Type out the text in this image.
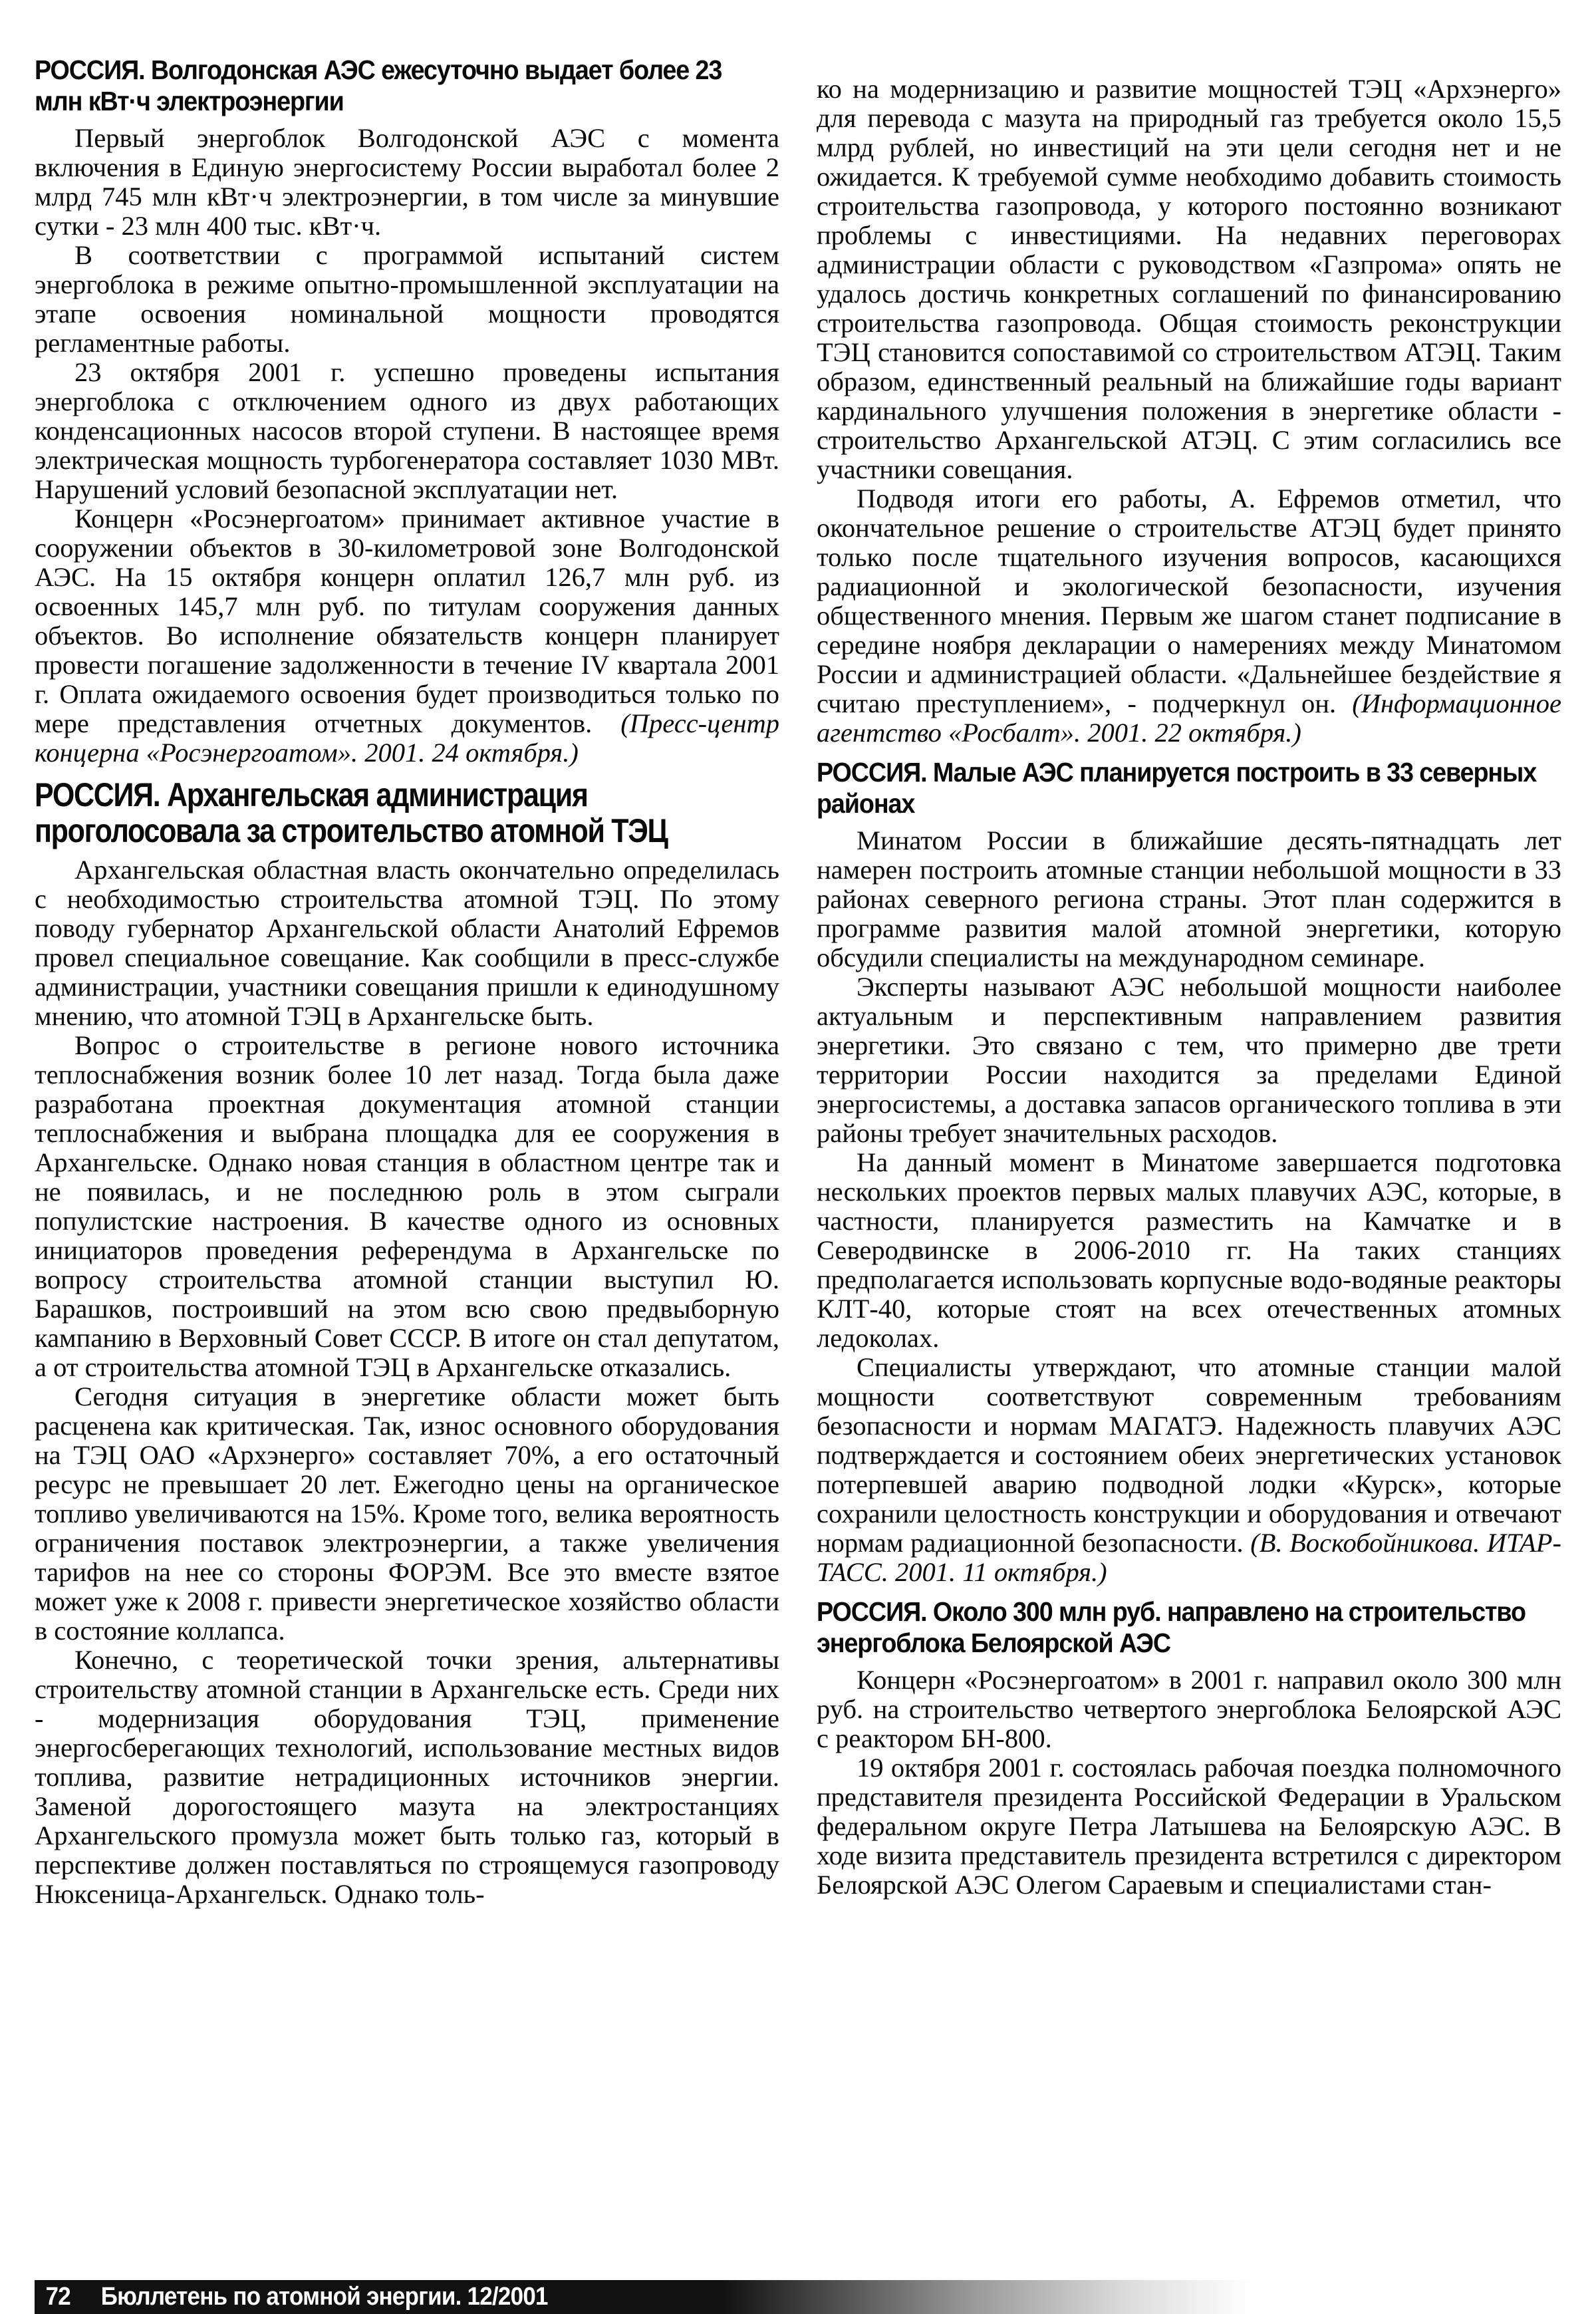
РОССИЯ. Волгодонская АЭС ежесуточно выдает более 23 млн кВт·ч электроэнергии

Первый энергоблок Волгодонской АЭС с момента включения в Единую энергосистему России выработал более 2 млрд 745 млн кВт·ч электроэнергии, в том числе за минувшие сутки - 23 млн 400 тыс. кВт·ч.

В соответствии с программой испытаний систем энергоблока в режиме опытно-промышленной эксплуатации на этапе освоения номинальной мощности проводятся регламентные работы.

23 октября 2001 г. успешно проведены испытания энергоблока с отключением одного из двух работающих конденсационных насосов второй ступени. В настоящее время электрическая мощность турбогенератора составляет 1030 МВт. Нарушений условий безопасной эксплуатации нет.

Концерн «Росэнергоатом» принимает активное участие в сооружении объектов в 30-километровой зоне Волгодонской АЭС. На 15 октября концерн оплатил 126,7 млн руб. из освоенных 145,7 млн руб. по титулам сооружения данных объектов. Во исполнение обязательств концерн планирует провести погашение задолженности в течение IV квартала 2001 г. Оплата ожидаемого освоения будет производиться только по мере представления отчетных документов. (Пресс-центр концерна «Росэнергоатом». 2001. 24 октября.)

РОССИЯ. Архангельская администрация проголосовала за строительство атомной ТЭЦ

Архангельская областная власть окончательно определилась с необходимостью строительства атомной ТЭЦ. По этому поводу губернатор Архангельской области Анатолий Ефремов провел специальное совещание. Как сообщили в пресс-службе администрации, участники совещания пришли к единодушному мнению, что атомной ТЭЦ в Архангельске быть.

Вопрос о строительстве в регионе нового источника теплоснабжения возник более 10 лет назад. Тогда была даже разработана проектная документация атомной станции теплоснабжения и выбрана площадка для ее сооружения в Архангельске. Однако новая станция в областном центре так и не появилась, и не последнюю роль в этом сыграли популистские настроения. В качестве одного из основных инициаторов проведения референдума в Архангельске по вопросу строительства атомной станции выступил Ю. Барашков, построивший на этом всю свою предвыборную кампанию в Верховный Совет СССР. В итоге он стал депутатом, а от строительства атомной ТЭЦ в Архангельске отказались.

Сегодня ситуация в энергетике области может быть расценена как критическая. Так, износ основного оборудования на ТЭЦ ОАО «Архэнерго» составляет 70%, а его остаточный ресурс не превышает 20 лет. Ежегодно цены на органическое топливо увеличиваются на 15%. Кроме того, велика вероятность ограничения поставок электроэнергии, а также увеличения тарифов на нее со стороны ФОРЭМ. Все это вместе взятое может уже к 2008 г. привести энергетическое хозяйство области в состояние коллапса.

Конечно, с теоретической точки зрения, альтернативы строительству атомной станции в Архангельске есть. Среди них - модернизация оборудования ТЭЦ, применение энергосберегающих технологий, использование местных видов топлива, развитие нетрадиционных источников энергии. Заменой дорогостоящего мазута на электростанциях Архангельского промузла может быть только газ, который в перспективе должен поставляться по строящемуся газопроводу Нюксеница-Архангельск. Однако толь-

ко на модернизацию и развитие мощностей ТЭЦ «Архэнерго» для перевода с мазута на природный газ требуется около 15,5 млрд рублей, но инвестиций на эти цели сегодня нет и не ожидается. К требуемой сумме необходимо добавить стоимость строительства газопровода, у которого постоянно возникают проблемы с инвестициями. На недавних переговорах администрации области с руководством «Газпрома» опять не удалось достичь конкретных соглашений по финансированию строительства газопровода. Общая стоимость реконструкции ТЭЦ становится сопоставимой со строительством АТЭЦ. Таким образом, единственный реальный на ближайшие годы вариант кардинального улучшения положения в энергетике области - строительство Архангельской АТЭЦ. С этим согласились все участники совещания.

Подводя итоги его работы, А. Ефремов отметил, что окончательное решение о строительстве АТЭЦ будет принято только после тщательного изучения вопросов, касающихся радиационной и экологической безопасности, изучения общественного мнения. Первым же шагом станет подписание в середине ноября декларации о намерениях между Минатомом России и администрацией области. «Дальнейшее бездействие я считаю преступлением», - подчеркнул он. (Информационное агентство «Росбалт». 2001. 22 октября.)

РОССИЯ. Малые АЭС планируется построить в 33 северных районах

Минатом России в ближайшие десять-пятнадцать лет намерен построить атомные станции небольшой мощности в 33 районах северного региона страны. Этот план содержится в программе развития малой атомной энергетики, которую обсудили специалисты на международном семинаре.

Эксперты называют АЭС небольшой мощности наиболее актуальным и перспективным направлением развития энергетики. Это связано с тем, что примерно две трети территории России находится за пределами Единой энергосистемы, а доставка запасов органического топлива в эти районы требует значительных расходов.

На данный момент в Минатоме завершается подготовка нескольких проектов первых малых плавучих АЭС, которые, в частности, планируется разместить на Камчатке и в Северодвинске в 2006-2010 гг. На таких станциях предполагается использовать корпусные водо-водяные реакторы КЛТ-40, которые стоят на всех отечественных атомных ледоколах.

Специалисты утверждают, что атомные станции малой мощности соответствуют современным требованиям безопасности и нормам МАГАТЭ. Надежность плавучих АЭС подтверждается и состоянием обеих энергетических установок потерпевшей аварию подводной лодки «Курск», которые сохранили целостность конструкции и оборудования и отвечают нормам радиационной безопасности. (В. Воскобойникова. ИТАР-ТАСС. 2001. 11 октября.)

РОССИЯ. Около 300 млн руб. направлено на строительство энергоблока Белоярской АЭС

Концерн «Росэнергоатом» в 2001 г. направил около 300 млн руб. на строительство четвертого энергоблока Белоярской АЭС с реактором БН-800.

19 октября 2001 г. состоялась рабочая поездка полномочного представителя президента Российской Федерации в Уральском федеральном округе Петра Латышева на Белоярскую АЭС. В ходе визита представитель президента встретился с директором Белоярской АЭС Олегом Сараевым и специалистами стан-

72 Бюллетень по атомной энергии. 12/2001
